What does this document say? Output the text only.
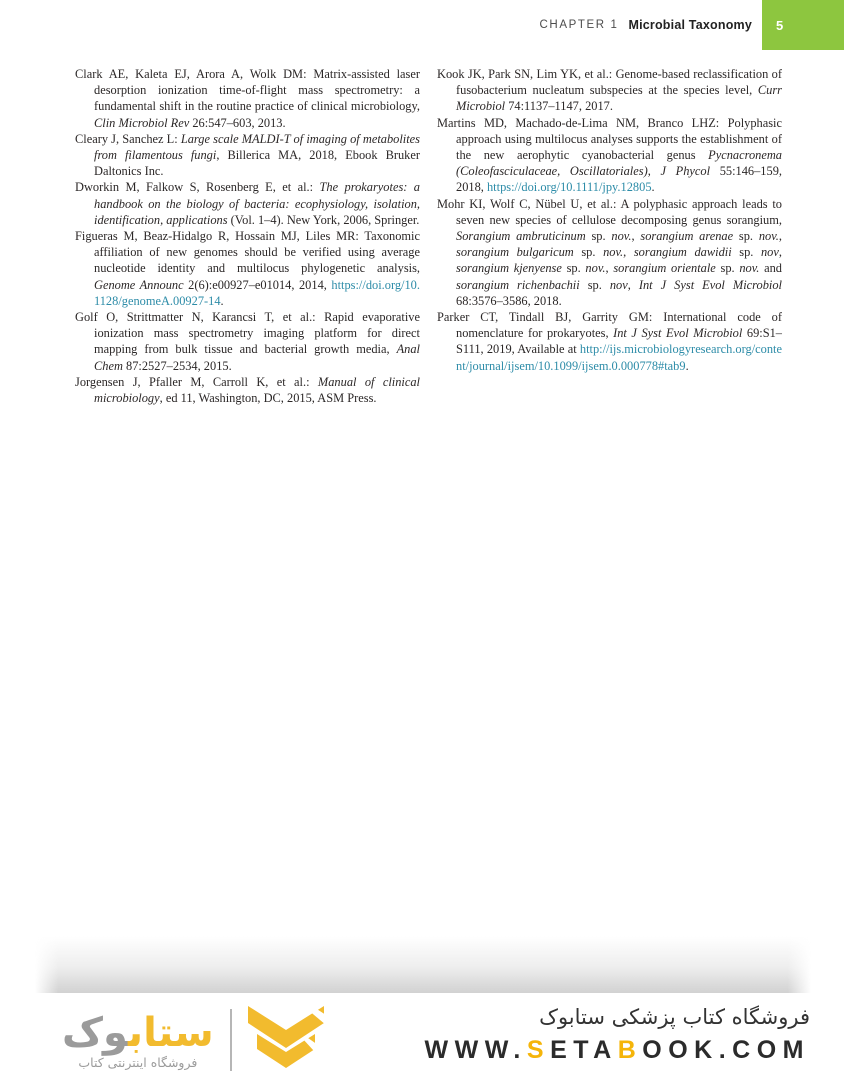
CHAPTER 1 Microbial Taxonomy	5

Clark AE, Kaleta EJ, Arora A, Wolk DM: Matrix-assisted laser desorption ionization time-of-flight mass spectrometry: a fundamental shift in the routine practice of clinical microbiology, Clin Microbiol Rev 26:547–603, 2013.

Cleary J, Sanchez L: Large scale MALDI-T of imaging of metabolites from filamentous fungi, Billerica MA, 2018, Ebook Bruker Daltonics Inc.

Dworkin M, Falkow S, Rosenberg E, et al.: The prokaryotes: a handbook on the biology of bacteria: ecophysiology, isolation, identification, applications (Vol. 1–4). New York, 2006, Springer.

Figueras M, Beaz-Hidalgo R, Hossain MJ, Liles MR: Taxonomic affiliation of new genomes should be verified using average nucleotide identity and multilocus phylogenetic analysis, Genome Announc 2(6):e00927–e01014, 2014, https://doi.org/10.1128/genomeA.00927-14.

Golf O, Strittmatter N, Karancsi T, et al.: Rapid evaporative ionization mass spectrometry imaging platform for direct mapping from bulk tissue and bacterial growth media, Anal Chem 87:2527–2534, 2015.

Jorgensen J, Pfaller M, Carroll K, et al.: Manual of clinical microbiology, ed 11, Washington, DC, 2015, ASM Press.

Kook JK, Park SN, Lim YK, et al.: Genome-based reclassification of fusobacterium nucleatum subspecies at the species level, Curr Microbiol 74:1137–1147, 2017.

Martins MD, Machado-de-Lima NM, Branco LHZ: Polyphasic approach using multilocus analyses supports the establishment of the new aerophytic cyanobacterial genus Pycnacronema (Coleofasciculaceae, Oscillatoriales), J Phycol 55:146–159, 2018, https://doi.org/10.1111/jpy.12805.

Mohr KI, Wolf C, Nübel U, et al.: A polyphasic approach leads to seven new species of cellulose decomposing genus sorangium, Sorangium ambruticinum sp. nov., sorangium arenae sp. nov., sorangium bulgaricum sp. nov., sorangium dawidii sp. nov, sorangium kjenyense sp. nov., sorangium orientale sp. nov. and sorangium richenbachii sp. nov, Int J Syst Evol Microbiol 68:3576–3586, 2018.

Parker CT, Tindall BJ, Garrity GM: International code of nomenclature for prokaryotes, Int J Syst Evol Microbiol 69:S1–S111, 2019, Available at http://ijs.microbiologyresearch.org/content/journal/ijsem/10.1099/ijsem.0.000778#tab9.

ستاب‍‍وک
فروشگاه اینترنتی کتاب
فروشگاه کتاب پزشکی ستابوک
WWW.SETABOOK.COM
